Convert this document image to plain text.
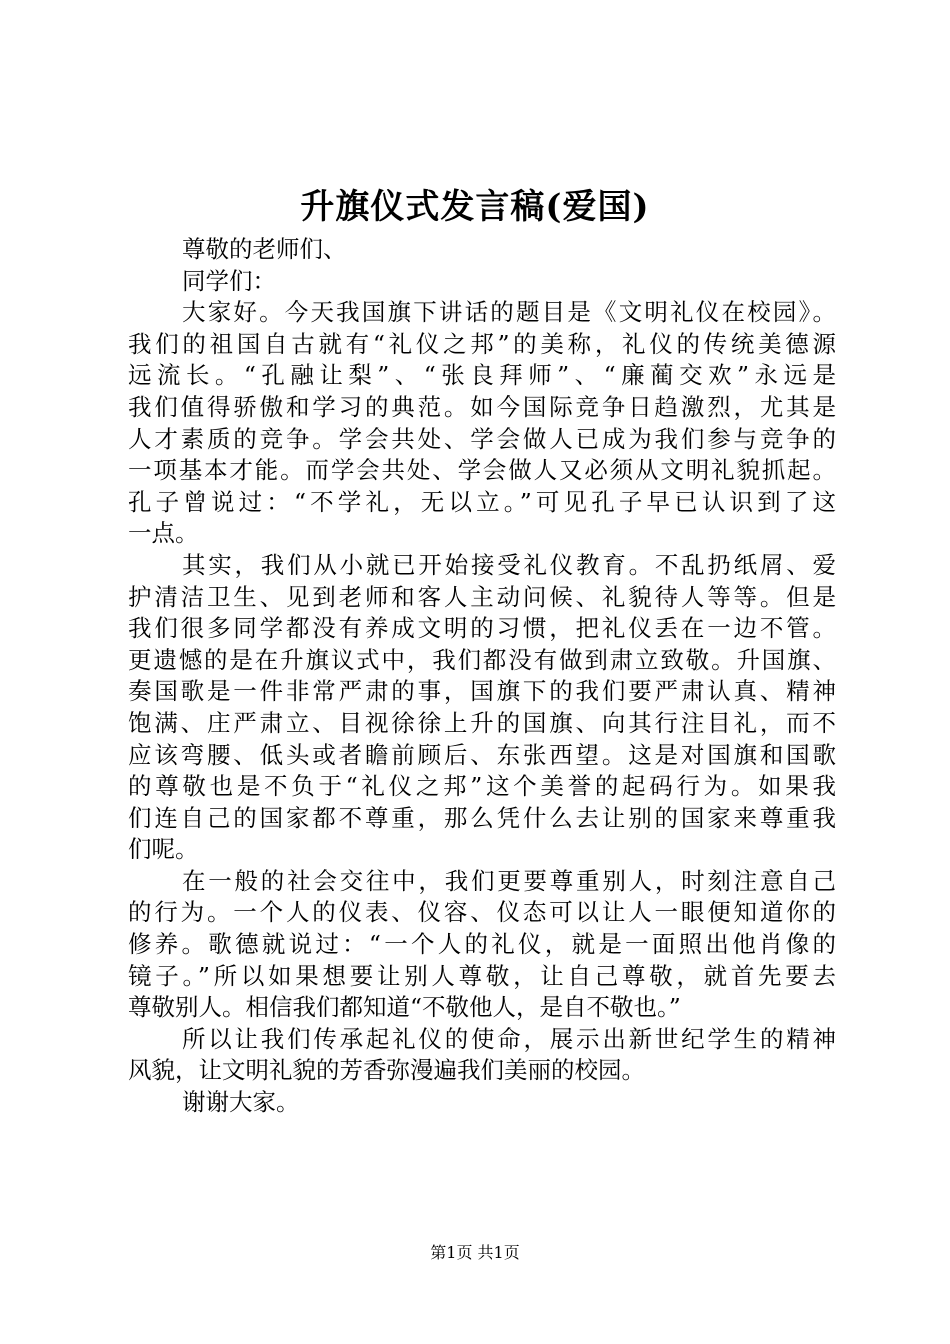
升旗仪式发言稿(爱国)
尊敬的老师们、
同学们：
大家好。今天我国旗下讲话的题目是《文明礼仪在校园》。
我们的祖国自古就有“礼仪之邦”的美称，礼仪的传统美德源
远流长。“孔融让梨”、“张良拜师”、“廉蔺交欢”永远是
我们值得骄傲和学习的典范。如今国际竞争日趋激烈，尤其是
人才素质的竞争。学会共处、学会做人已成为我们参与竞争的
一项基本才能。而学会共处、学会做人又必须从文明礼貌抓起。
孔子曾说过：“不学礼，无以立。”可见孔子早已认识到了这
一点。
其实，我们从小就已开始接受礼仪教育。不乱扔纸屑、爱
护清洁卫生、见到老师和客人主动问候、礼貌待人等等。但是
我们很多同学都没有养成文明的习惯，把礼仪丢在一边不管。
更遗憾的是在升旗议式中，我们都没有做到肃立致敬。升国旗、
奏国歌是一件非常严肃的事，国旗下的我们要严肃认真、精神
饱满、庄严肃立、目视徐徐上升的国旗、向其行注目礼，而不
应该弯腰、低头或者瞻前顾后、东张西望。这是对国旗和国歌
的尊敬也是不负于“礼仪之邦”这个美誉的起码行为。如果我
们连自己的国家都不尊重，那么凭什么去让别的国家来尊重我
们呢。
在一般的社会交往中，我们更要尊重别人，时刻注意自己
的行为。一个人的仪表、仪容、仪态可以让人一眼便知道你的
修养。歌德就说过：“一个人的礼仪，就是一面照出他肖像的
镜子。”所以如果想要让别人尊敬，让自己尊敬，就首先要去
尊敬别人。相信我们都知道“不敬他人，是自不敬也。”
所以让我们传承起礼仪的使命，展示出新世纪学生的精神
风貌，让文明礼貌的芳香弥漫遍我们美丽的校园。
谢谢大家。
第1页 共1页
